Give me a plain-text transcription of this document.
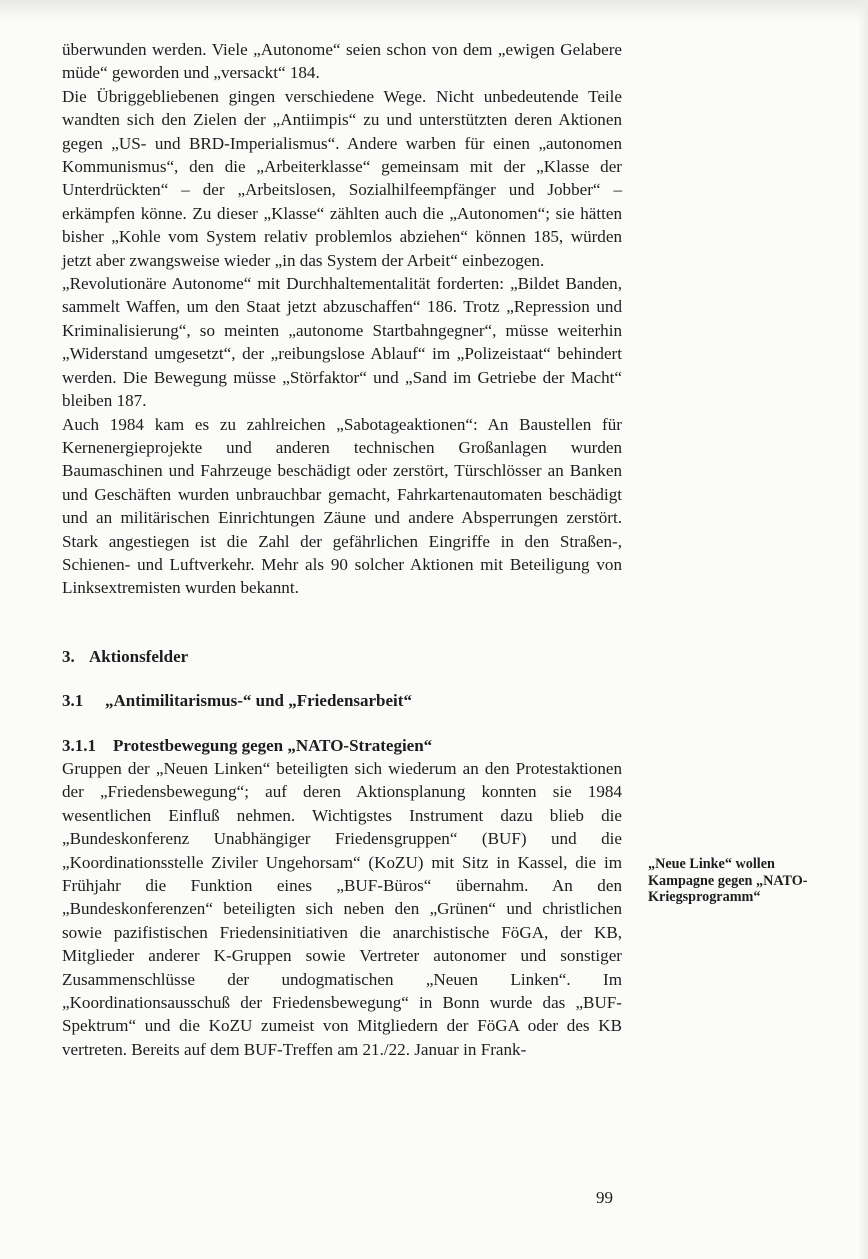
überwunden werden. Viele „Autonome“ seien schon von dem „ewigen Gelabere müde“ geworden und „versackt“ 184.

Die Übriggebliebenen gingen verschiedene Wege. Nicht unbedeutende Teile wandten sich den Zielen der „Antiimpis“ zu und unterstützten deren Aktionen gegen „US- und BRD-Imperialismus“. Andere warben für einen „autonomen Kommunismus“, den die „Arbeiterklasse“ gemeinsam mit der „Klasse der Unterdrückten“ – der „Arbeitslosen, Sozialhilfeempfänger und Jobber“ – erkämpfen könne. Zu dieser „Klasse“ zählten auch die „Autonomen“; sie hätten bisher „Kohle vom System relativ problemlos abziehen“ können 185, würden jetzt aber zwangsweise wieder „in das System der Arbeit“ einbezogen.

„Revolutionäre Autonome“ mit Durchhaltementalität forderten: „Bildet Banden, sammelt Waffen, um den Staat jetzt abzuschaffen“ 186. Trotz „Repression und Kriminalisierung“, so meinten „autonome Startbahngegner“, müsse weiterhin „Widerstand umgesetzt“, der „reibungslose Ablauf“ im „Polizeistaat“ behindert werden. Die Bewegung müsse „Störfaktor“ und „Sand im Getriebe der Macht“ bleiben 187.

Auch 1984 kam es zu zahlreichen „Sabotageaktionen“: An Baustellen für Kernenergieprojekte und anderen technischen Großanlagen wurden Baumaschinen und Fahrzeuge beschädigt oder zerstört, Türschlösser an Banken und Geschäften wurden unbrauchbar gemacht, Fahrkartenautomaten beschädigt und an militärischen Einrichtungen Zäune und andere Absperrungen zerstört. Stark angestiegen ist die Zahl der gefährlichen Eingriffe in den Straßen-, Schienen- und Luftverkehr. Mehr als 90 solcher Aktionen mit Beteiligung von Linksextremisten wurden bekannt.

3. Aktionsfelder
3.1 „Antimilitarismus-“ und „Friedensarbeit“
3.1.1 Protestbewegung gegen „NATO-Strategien“

Gruppen der „Neuen Linken“ beteiligten sich wiederum an den Protestaktionen der „Friedensbewegung“; auf deren Aktionsplanung konnten sie 1984 wesentlichen Einfluß nehmen. Wichtigstes Instrument dazu blieb die „Bundeskonferenz Unabhängiger Friedensgruppen“ (BUF) und die „Koordinationsstelle Ziviler Ungehorsam“ (KoZU) mit Sitz in Kassel, die im Frühjahr die Funktion eines „BUF-Büros“ übernahm. An den „Bundeskonferenzen“ beteiligten sich neben den „Grünen“ und christlichen sowie pazifistischen Friedensinitiativen die anarchistische FöGA, der KB, Mitglieder anderer K-Gruppen sowie Vertreter autonomer und sonstiger Zusammenschlüsse der undogmatischen „Neuen Linken“. Im „Koordinationsausschuß der Friedensbewegung“ in Bonn wurde das „BUF-Spektrum“ und die KoZU zumeist von Mitgliedern der FöGA oder des KB vertreten. Bereits auf dem BUF-Treffen am 21./22. Januar in Frank-

„Neue Linke“ wollen Kampagne gegen „NATO-Kriegsprogramm“
99
